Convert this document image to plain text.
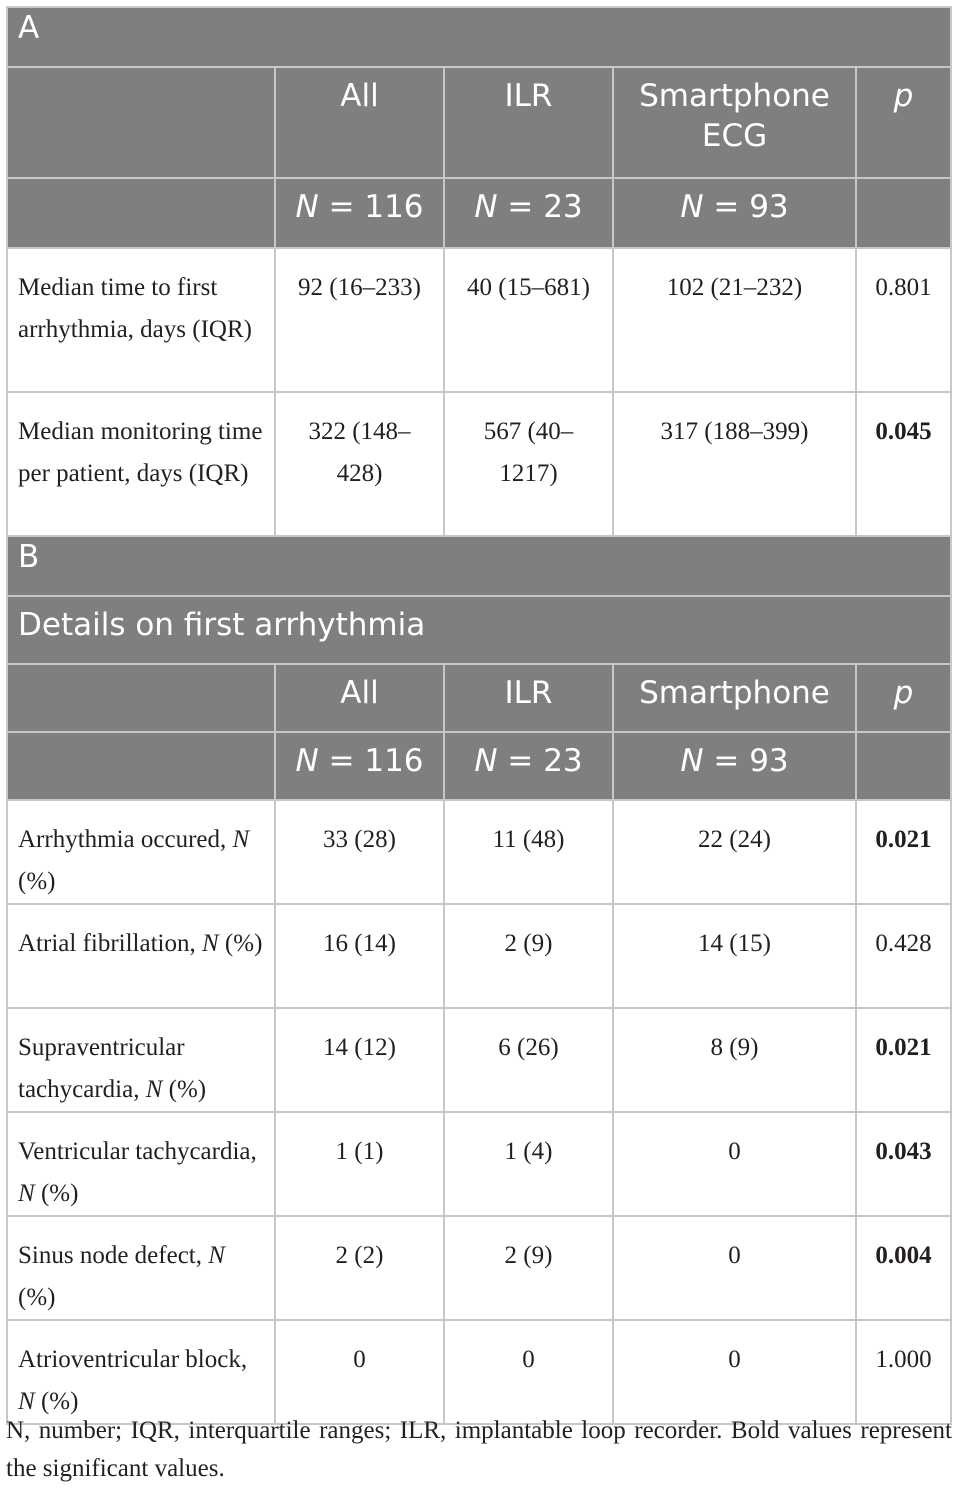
A				
	All	ILR	Smartphone ECG	p
	N = 116	N = 23	N = 93	
Median time to first arrhythmia, days (IQR)	92 (16–233)	40 (15–681)	102 (21–232)	0.801
Median monitoring time per patient, days (IQR)	322 (148–428)	567 (40–1217)	317 (188–399)	0.045
B				
Details on first arrhythmia				
	All	ILR	Smartphone	p
	N = 116	N = 23	N = 93	
Arrhythmia occured, N (%)	33 (28)	11 (48)	22 (24)	0.021
Atrial fibrillation, N (%)	16 (14)	2 (9)	14 (15)	0.428
Supraventricular tachycardia, N (%)	14 (12)	6 (26)	8 (9)	0.021
Ventricular tachycardia, N (%)	1 (1)	1 (4)	0	0.043
Sinus node defect, N (%)	2 (2)	2 (9)	0	0.004
Atrioventricular block, N (%)	0	0	0	1.000
N, number; IQR, interquartile ranges; ILR, implantable loop recorder. Bold values represent the significant values.
